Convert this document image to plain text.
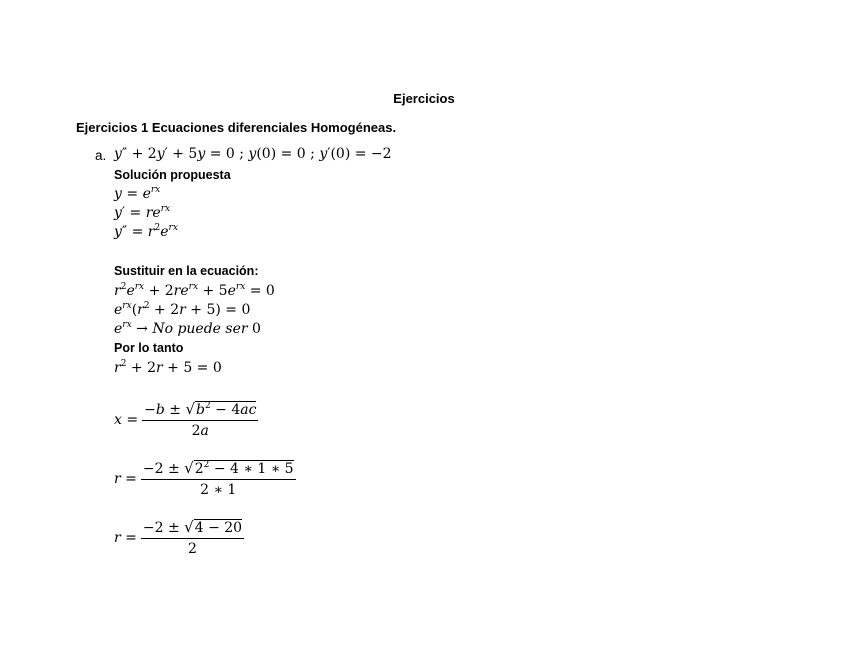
Ejercicios
Ejercicios 1 Ecuaciones diferenciales Homogéneas.
a. y″ + 2y′ + 5y = 0 ; y(0) = 0 ; y′(0) = −2
Solución propuesta
$y = e^{rx}$
$y' = re^{rx}$
$y'' = r^2e^{rx}$
Sustituir en la ecuación:
$r^2e^{rx} + 2re^{rx} + 5e^{rx} = 0$
$e^{rx}(r^2 + 2r + 5) = 0$
$e^{rx} \to No$ puede ser 0
Por lo tanto
$r^2 + 2r + 5 = 0$
$x = \frac{-b \pm √b^2 - 4ac}{2a}$
$r = \frac{-2 \pm √2^2 - 4 ∗ 1 ∗ 5}{2 ∗ 1}$
$r = \frac{-2 \pm √4 - 20}{2}$
